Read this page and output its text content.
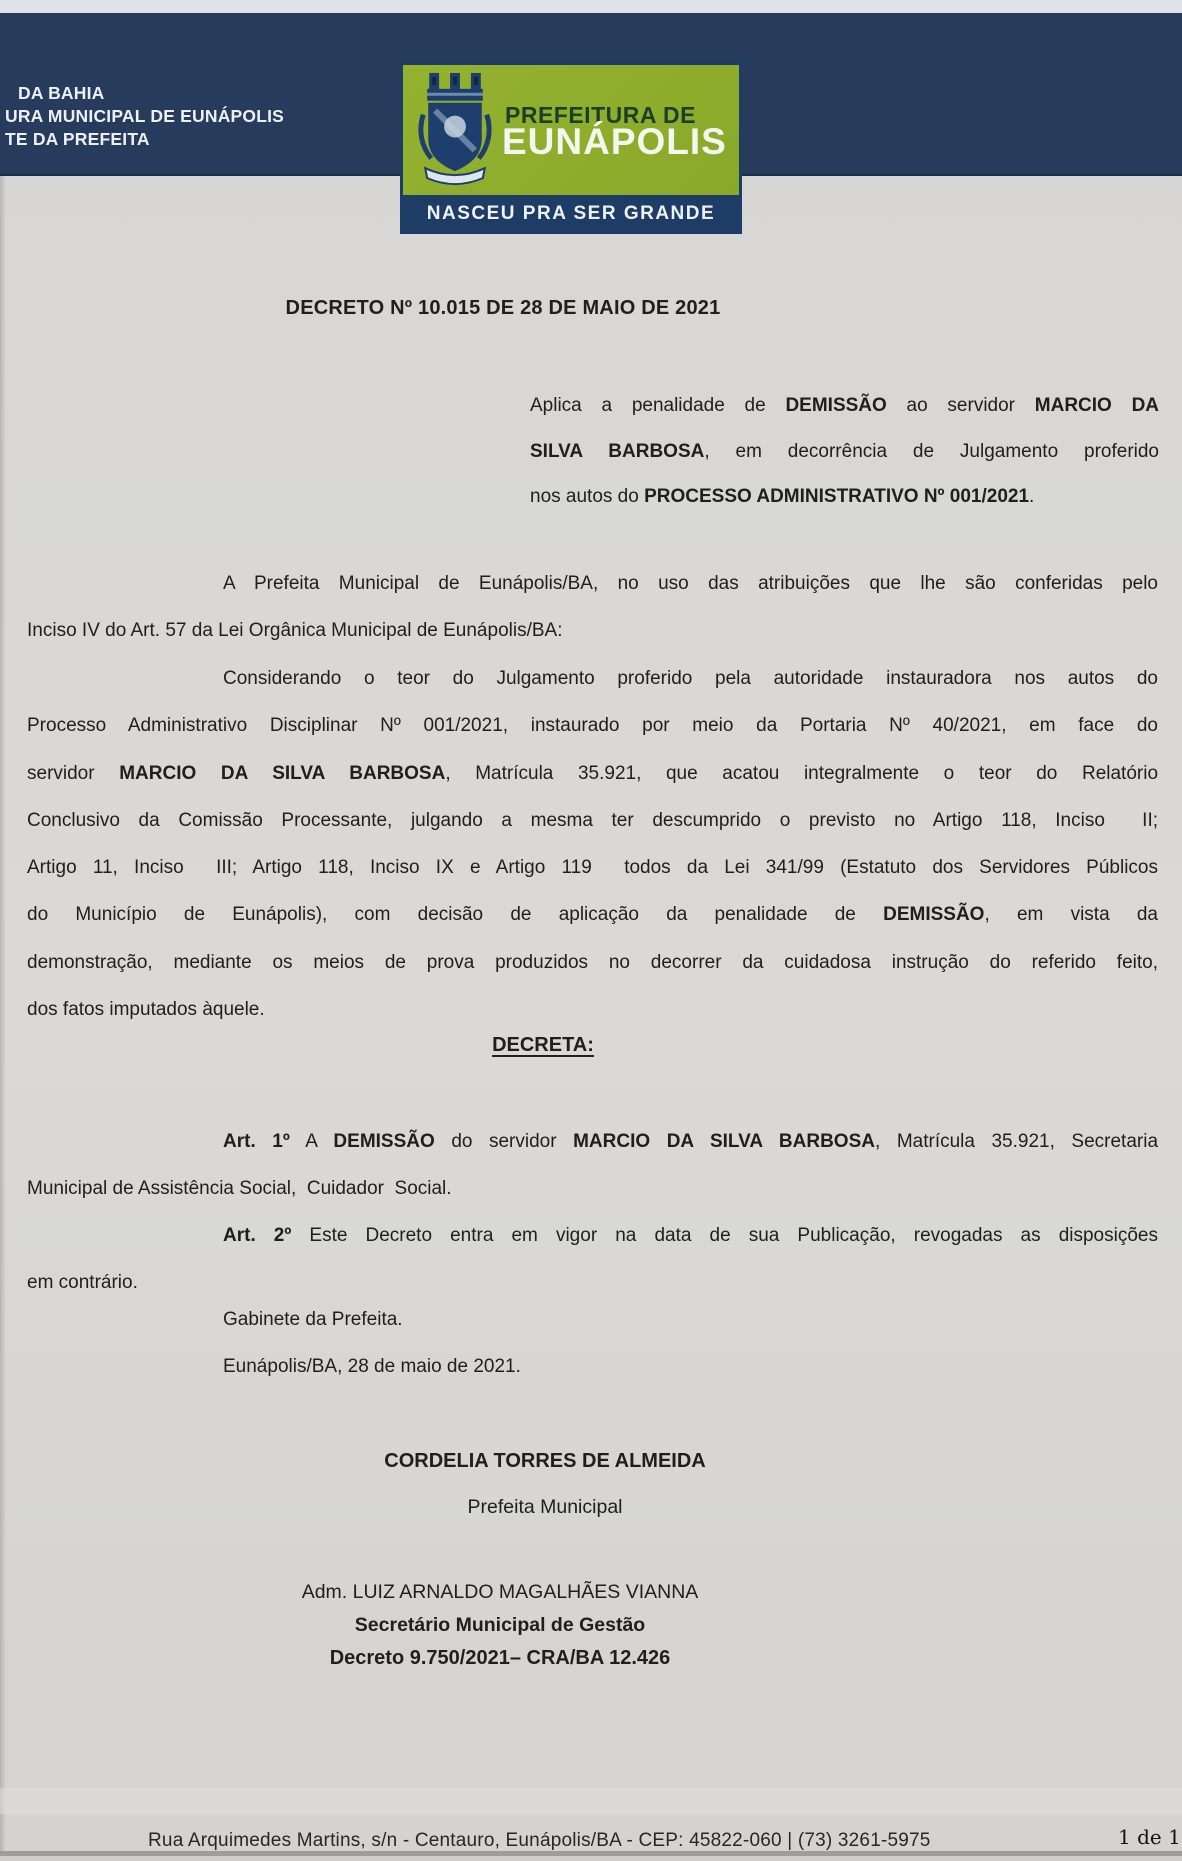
DA BAHIA
URA MUNICIPAL DE EUNÁPOLIS
TE DA PREFEITA
PREFEITURA DE
EUNÁPOLIS
NASCEU PRA SER GRANDE
DECRETO Nº 10.015 DE 28 DE MAIO DE 2021
Aplica a penalidade de DEMISSÃO ao servidor MARCIO DA
SILVA BARBOSA, em decorrência de Julgamento proferido
nos autos do PROCESSO ADMINISTRATIVO Nº 001/2021.
A Prefeita Municipal de Eunápolis/BA, no uso das atribuições que lhe são conferidas pelo
Inciso IV do Art. 57 da Lei Orgânica Municipal de Eunápolis/BA:
Considerando o teor do Julgamento proferido pela autoridade instauradora nos autos do
Processo Administrativo Disciplinar Nº 001/2021, instaurado por meio da Portaria Nº 40/2021, em face do
servidor MARCIO DA SILVA BARBOSA, Matrícula 35.921, que acatou integralmente o teor do Relatório
Conclusivo da Comissão Processante, julgando a mesma ter descumprido o previsto no Artigo 118, Inciso  II;
Artigo 11, Inciso  III; Artigo 118, Inciso IX e Artigo 119  todos da Lei 341/99 (Estatuto dos Servidores Públicos
do Município de Eunápolis), com decisão de aplicação da penalidade de DEMISSÃO, em vista da
demonstração, mediante os meios de prova produzidos no decorrer da cuidadosa instrução do referido feito,
dos fatos imputados àquele.
DECRETA:
Art. 1º A DEMISSÃO do servidor MARCIO DA SILVA BARBOSA, Matrícula 35.921, Secretaria
Municipal de Assistência Social,  Cuidador  Social.
Art. 2º Este Decreto entra em vigor na data de sua Publicação, revogadas as disposições
em contrário.
Gabinete da Prefeita.
Eunápolis/BA, 28 de maio de 2021.
CORDELIA TORRES DE ALMEIDA
Prefeita Municipal
Adm. LUIZ ARNALDO MAGALHÃES VIANNA
Secretário Municipal de Gestão
Decreto 9.750/2021– CRA/BA 12.426
Rua Arquimedes Martins, s/n - Centauro, Eunápolis/BA - CEP: 45822-060 | (73) 3261-5975	1 de 1
